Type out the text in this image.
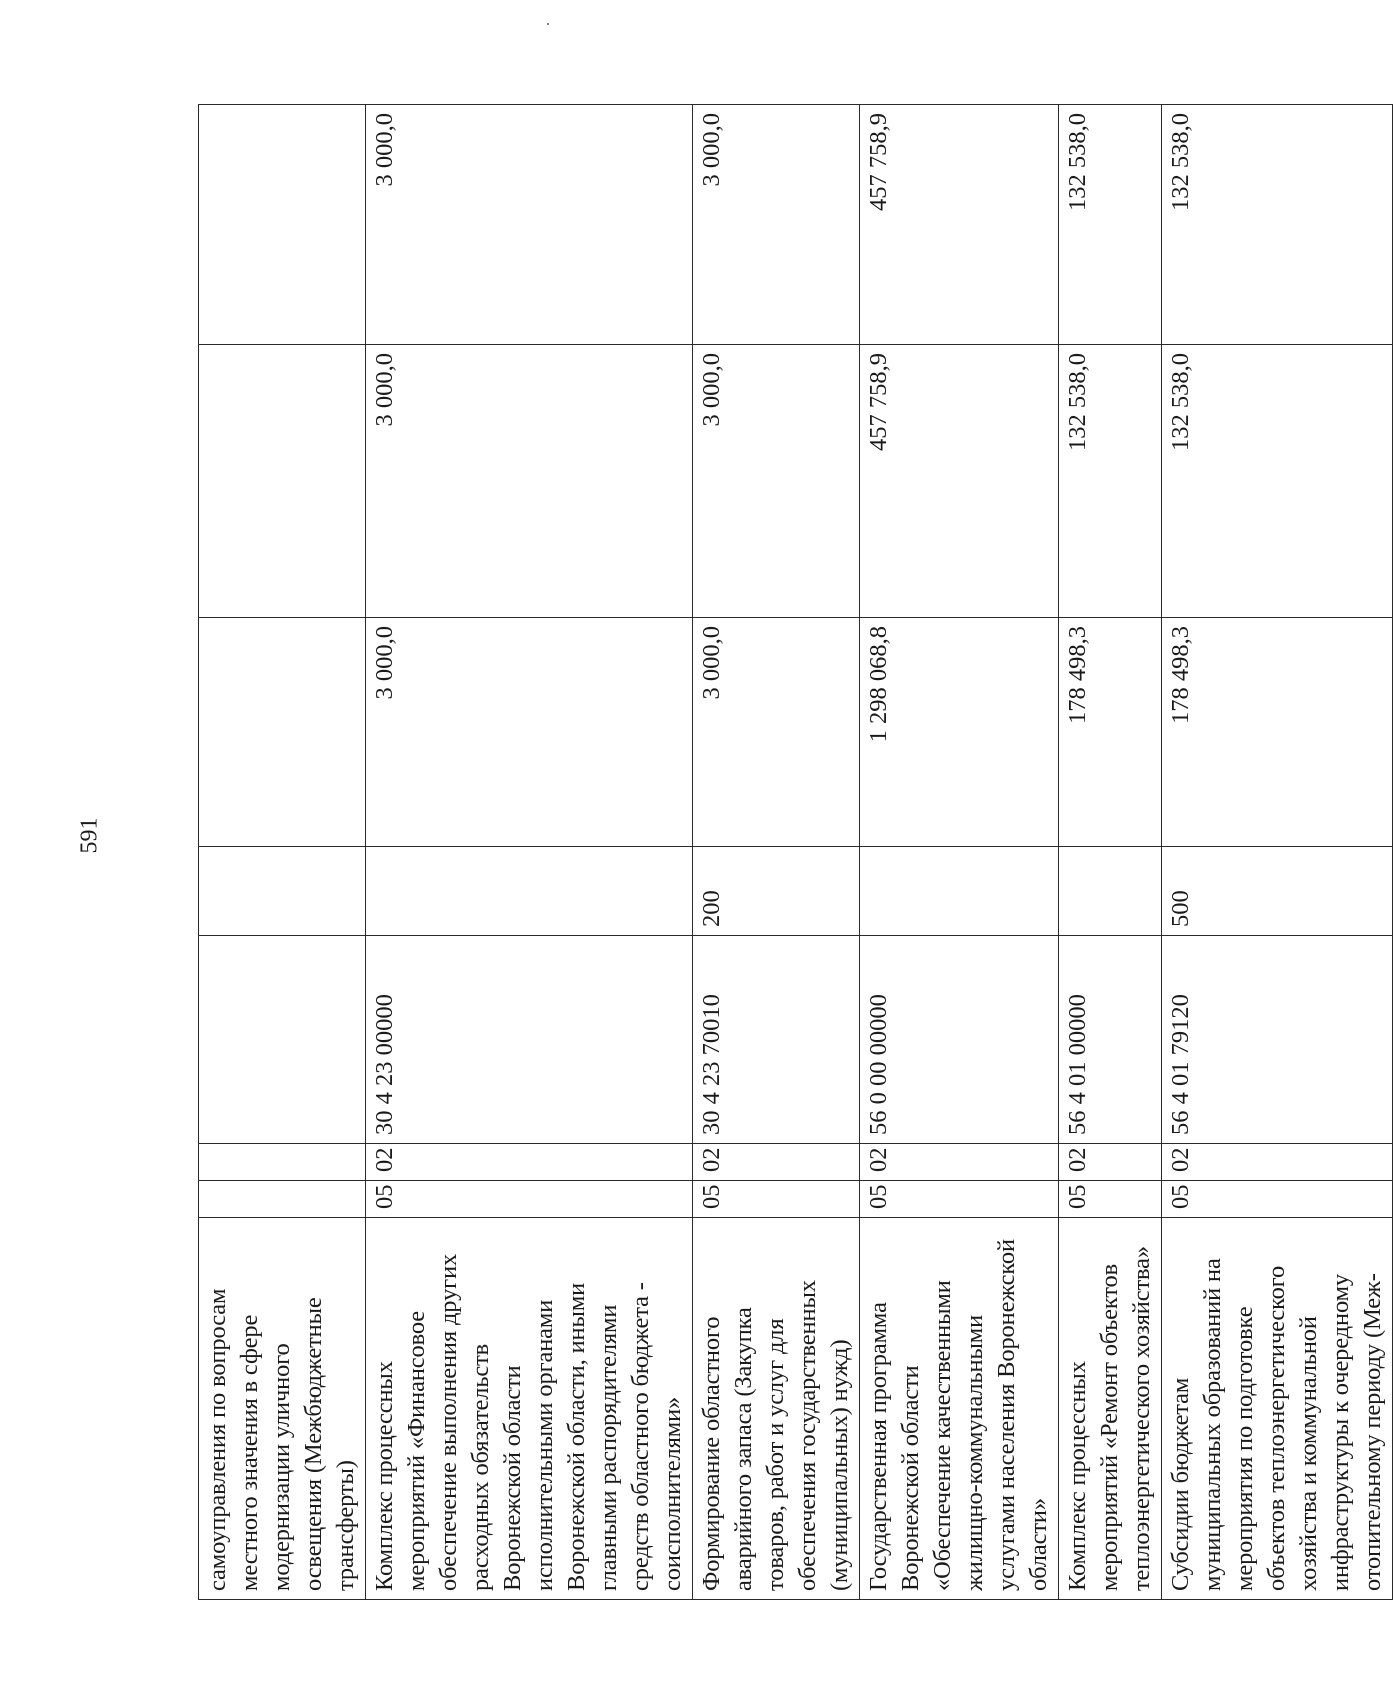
591
самоуправления по вопросам местного значения в сфере модернизации уличного освещения (Межбюджетные трансферты)							
Комплекс процессных мероприятий «Финансовое обеспечение выполнения других расходных обязательств Воронежской области исполнительными органами Воронежской области, иными главными распорядителями средств областного бюджета - соисполнителями»	05	02	30 4 23 00000		3 000,0	3 000,0	3 000,0
Формирование областного аварийного запаса (Закупка товаров, работ и услуг для обеспечения государственных (муниципальных) нужд)	05	02	30 4 23 70010	200	3 000,0	3 000,0	3 000,0
Государственная программа Воронежской области «Обеспечение качественными жилищно-коммунальными услугами населения Воронежской области»	05	02	56 0 00 00000		1 298 068,8	457 758,9	457 758,9
Комплекс процессных мероприятий «Ремонт объектов теплоэнергетического хозяйства»	05	02	56 4 01 00000		178 498,3	132 538,0	132 538,0
Субсидии бюджетам муниципальных образований на мероприятия по подготовке объектов теплоэнергетического хозяйства и коммунальной инфраструктуры к очередному отопительному периоду (Меж-	05	02	56 4 01 79120	500	178 498,3	132 538,0	132 538,0
